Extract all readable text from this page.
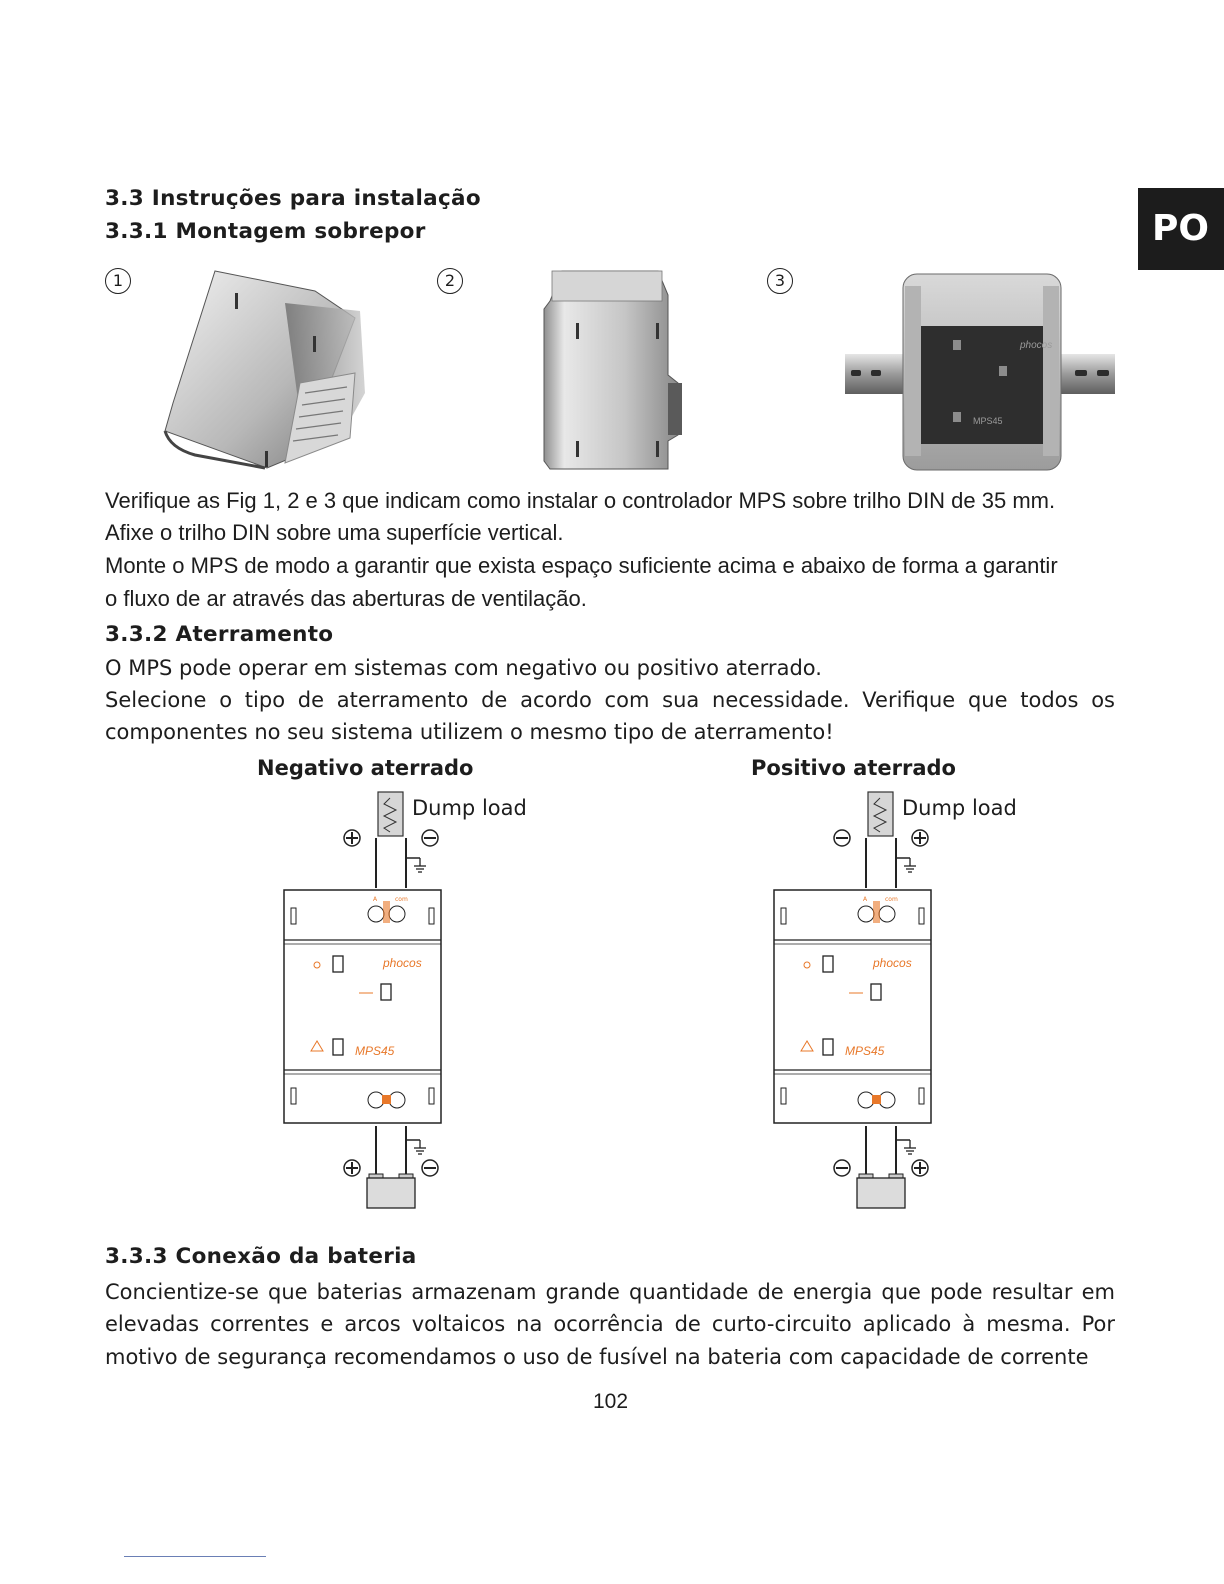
PO
3.3 Instruções para instalação
3.3.1 Montagem sobrepor
1	2	3
phocos
MPS45
Verifique as Fig 1, 2 e 3 que indicam como instalar o controlador MPS sobre trilho DIN de 35 mm.
Afixe o trilho DIN sobre uma superfície vertical.
Monte o MPS de modo a garantir que exista espaço suficiente acima e abaixo de forma a garantir
o fluxo de ar através das aberturas de ventilação.
3.3.2 Aterramento
O MPS pode operar em sistemas com negativo ou positivo aterrado.
Selecione o tipo de aterramento de acordo com sua necessidade. Verifique que todos os
componentes no seu sistema utilizem o mesmo tipo de aterramento!
Negativo aterrado	Positivo aterrado
Dump load
A	com
phocos
MPS45
Dump load
A	com
phocos
MPS45
3.3.3 Conexão da bateria
Concientize-se que baterias armazenam grande quantidade de energia que pode resultar em
elevadas correntes e arcos voltaicos na ocorrência de curto-circuito aplicado à mesma. Por
motivo de segurança recomendamos o uso de fusível na bateria com capacidade de corrente
102
